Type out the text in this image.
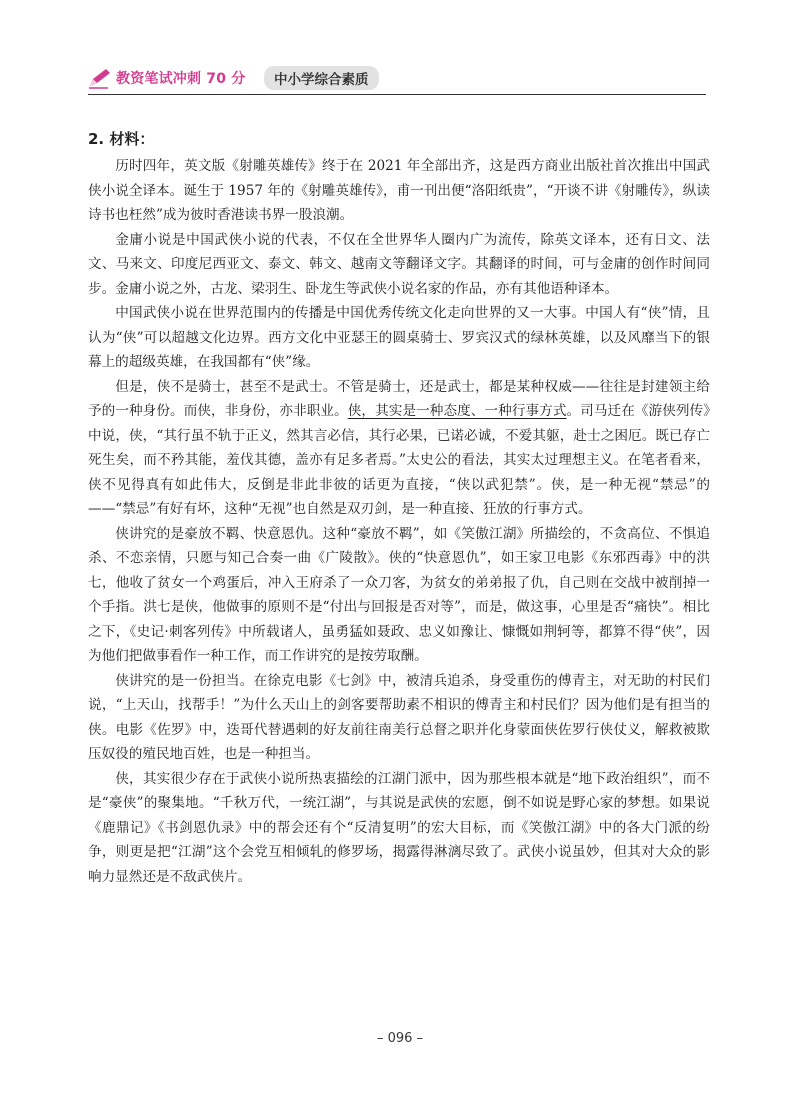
教资笔试冲刺 70 分	中小学综合素质
2. 材料：

历时四年，英文版《射雕英雄传》终于在 2021 年全部出齐，这是西方商业出版社首次推出中国武侠小说全译本。诞生于 1957 年的《射雕英雄传》，甫一刊出便“洛阳纸贵”，“开谈不讲《射雕传》，纵读诗书也枉然”成为彼时香港读书界一股浪潮。

金庸小说是中国武侠小说的代表，不仅在全世界华人圈内广为流传，除英文译本，还有日文、法文、马来文、印度尼西亚文、泰文、韩文、越南文等翻译文字。其翻译的时间，可与金庸的创作时间同步。金庸小说之外，古龙、梁羽生、卧龙生等武侠小说名家的作品，亦有其他语种译本。

中国武侠小说在世界范围内的传播是中国优秀传统文化走向世界的又一大事。中国人有“侠”情，且认为“侠”可以超越文化边界。西方文化中亚瑟王的圆桌骑士、罗宾汉式的绿林英雄，以及风靡当下的银幕上的超级英雄，在我国都有“侠”缘。

但是，侠不是骑士，甚至不是武士。不管是骑士，还是武士，都是某种权威——往往是封建领主给予的一种身份。而侠，非身份，亦非职业。侠，其实是一种态度、一种行事方式。司马迁在《游侠列传》中说，侠，“其行虽不轨于正义，然其言必信，其行必果，已诺必诚，不爱其躯，赴士之困厄。既已存亡死生矣，而不矜其能，羞伐其德，盖亦有足多者焉。”太史公的看法，其实太过理想主义。在笔者看来，侠不见得真有如此伟大，反倒是非此非彼的话更为直接，“侠以武犯禁”。侠，是一种无视“禁忌”的——“禁忌”有好有坏，这种“无视”也自然是双刃剑，是一种直接、狂放的行事方式。

侠讲究的是豪放不羁、快意恩仇。这种“豪放不羁”，如《笑傲江湖》所描绘的，不贪高位、不惧追杀、不恋亲情，只愿与知己合奏一曲《广陵散》。侠的“快意恩仇”，如王家卫电影《东邪西毒》中的洪七，他收了贫女一个鸡蛋后，冲入王府杀了一众刀客，为贫女的弟弟报了仇，自己则在交战中被削掉一个手指。洪七是侠，他做事的原则不是“付出与回报是否对等”，而是，做这事，心里是否“痛快”。相比之下，《史记·刺客列传》中所载诸人，虽勇猛如聂政、忠义如豫让、慷慨如荆轲等，都算不得“侠”，因为他们把做事看作一种工作，而工作讲究的是按劳取酬。

侠讲究的是一份担当。在徐克电影《七剑》中，被清兵追杀，身受重伤的傅青主，对无助的村民们说，“上天山，找帮手！”为什么天山上的剑客要帮助素不相识的傅青主和村民们？因为他们是有担当的侠。电影《佐罗》中，迭哥代替遇刺的好友前往南美行总督之职并化身蒙面侠佐罗行侠仗义，解救被欺压奴役的殖民地百姓，也是一种担当。

侠，其实很少存在于武侠小说所热衷描绘的江湖门派中，因为那些根本就是“地下政治组织”，而不是“豪侠”的聚集地。“千秋万代，一统江湖”，与其说是武侠的宏愿，倒不如说是野心家的梦想。如果说《鹿鼎记》《书剑恩仇录》中的帮会还有个“反清复明”的宏大目标，而《笑傲江湖》中的各大门派的纷争，则更是把“江湖”这个会党互相倾轧的修罗场，揭露得淋漓尽致了。武侠小说虽妙，但其对大众的影响力显然还是不敌武侠片。

– 096 –
